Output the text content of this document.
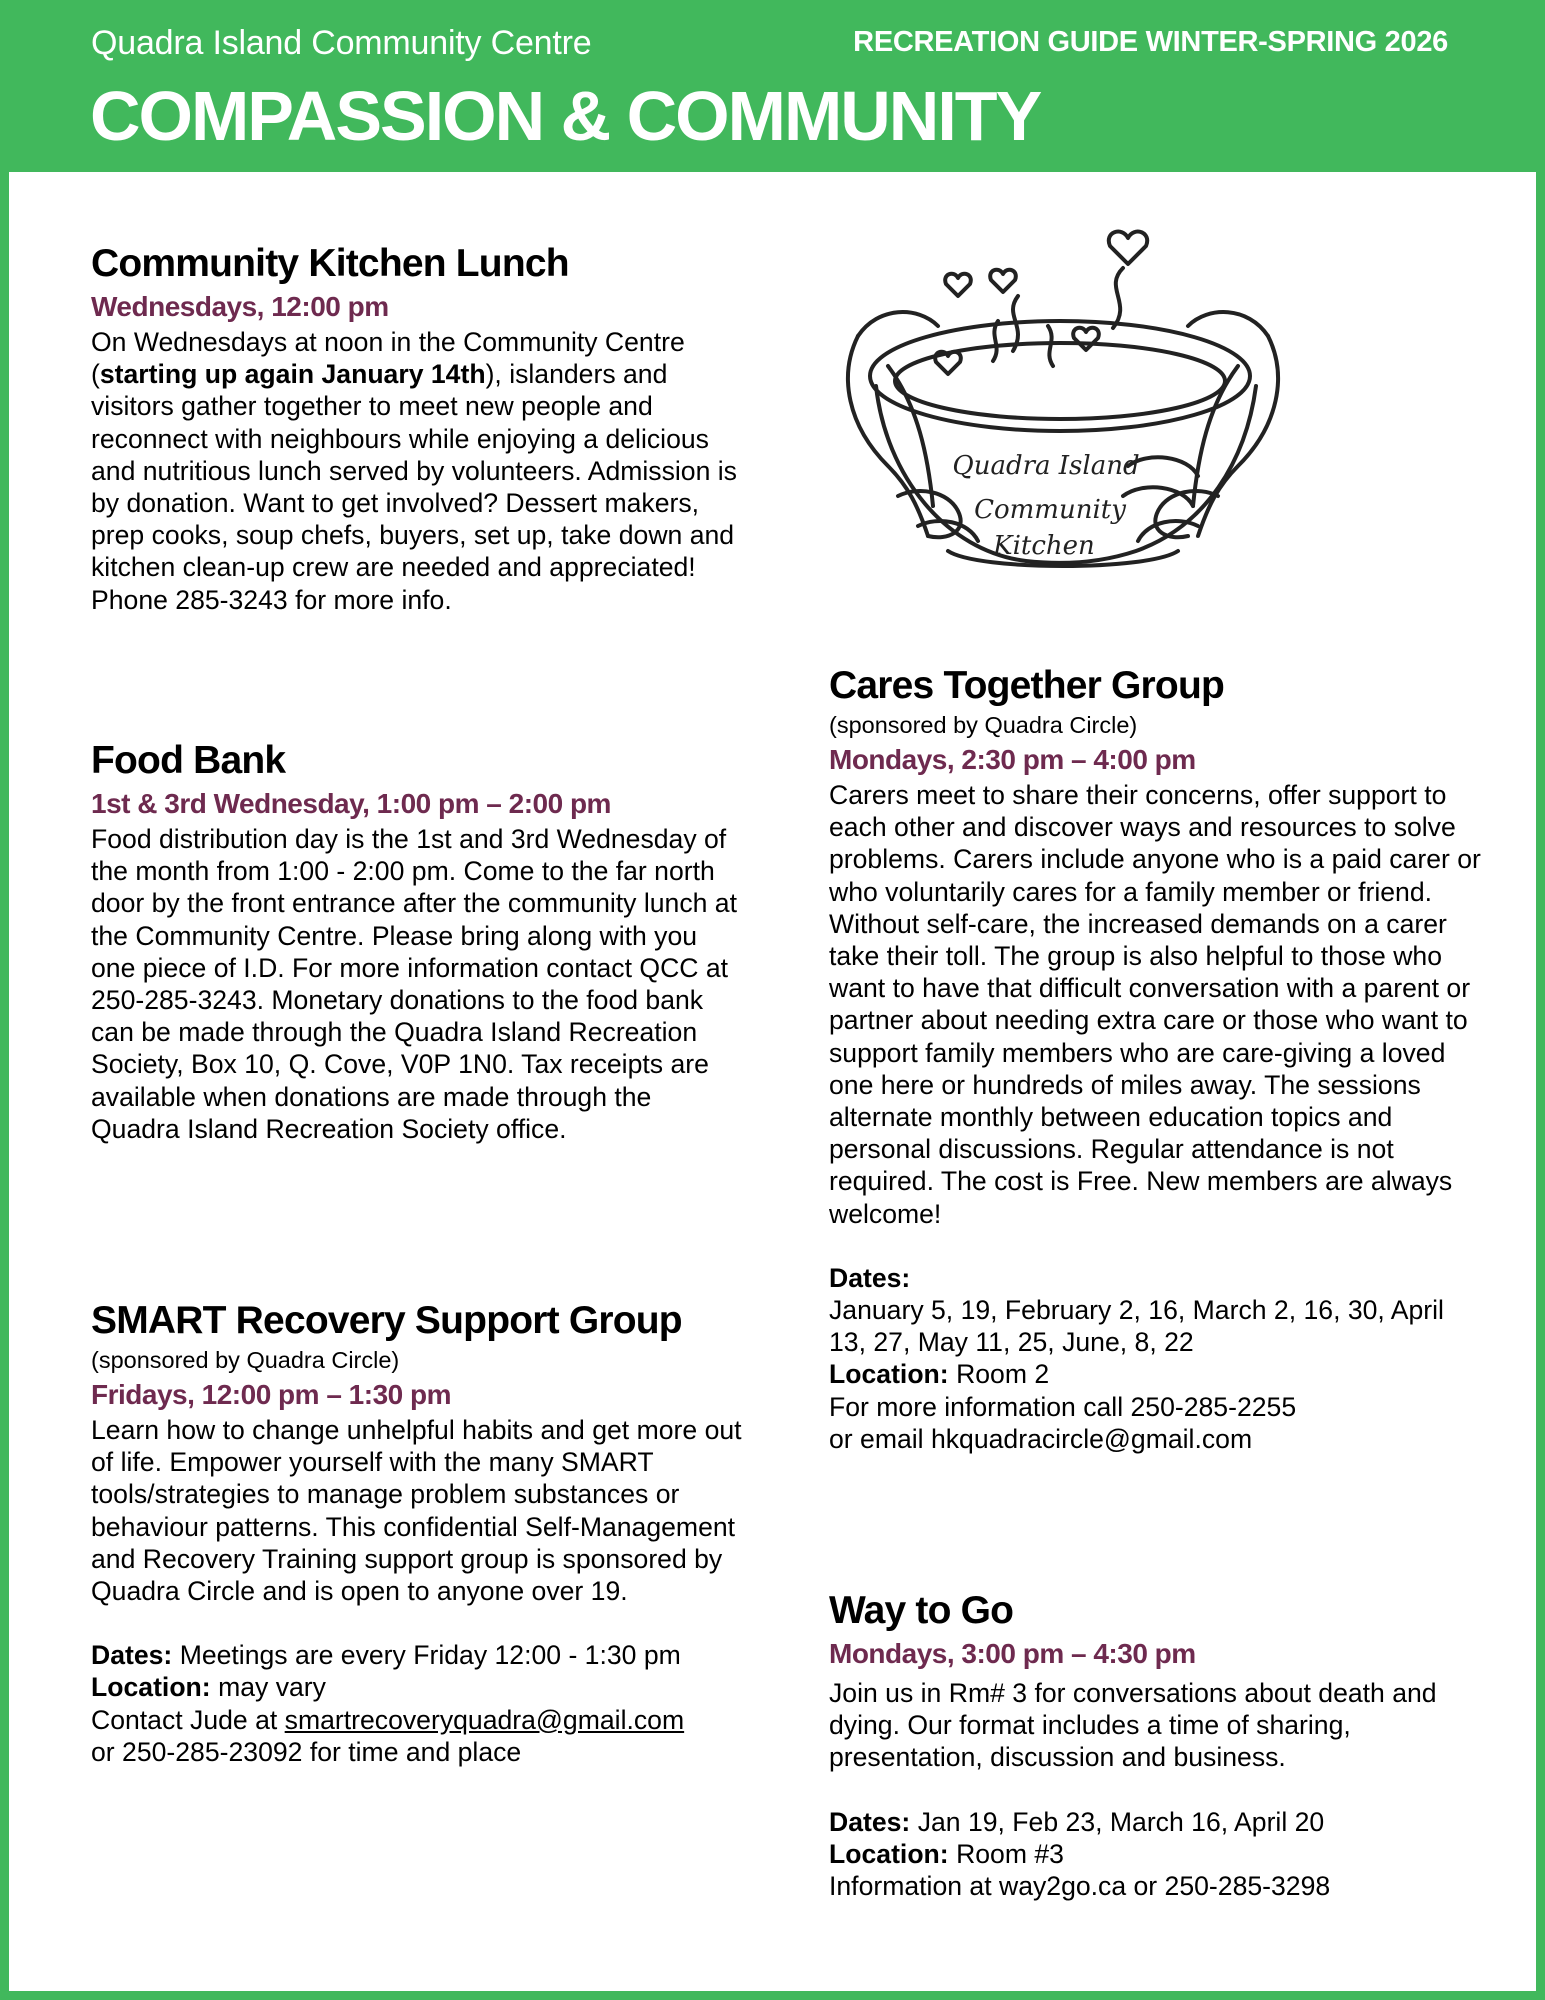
Quadra Island Community Centre	RECREATION GUIDE WINTER-SPRING 2026
COMPASSION & COMMUNITY
Community Kitchen Lunch
Wednesdays, 12:00 pm

On Wednesdays at noon in the Community Centre (starting up again January 14th), islanders and visitors gather together to meet new people and reconnect with neighbours while enjoying a delicious and nutritious lunch served by volunteers. Admission is by donation. Want to get involved? Dessert makers, prep cooks, soup chefs, buyers, set up, take down and kitchen clean-up crew are needed and appreciated! Phone 285-3243 for more info.

Food Bank
1st & 3rd Wednesday, 1:00 pm – 2:00 pm

Food distribution day is the 1st and 3rd Wednesday of the month from 1:00 - 2:00 pm. Come to the far north door by the front entrance after the community lunch at the Community Centre. Please bring along with you one piece of I.D. For more information contact QCC at 250-285-3243. Monetary donations to the food bank can be made through the Quadra Island Recreation Society, Box 10, Q. Cove, V0P 1N0. Tax receipts are available when donations are made through the Quadra Island Recreation Society office.

SMART Recovery Support Group
(sponsored by Quadra Circle)
Fridays, 12:00 pm – 1:30 pm

Learn how to change unhelpful habits and get more out of life. Empower yourself with the many SMART tools/strategies to manage problem substances or behaviour patterns. This confidential Self-Management and Recovery Training support group is sponsored by Quadra Circle and is open to anyone over 19.

Dates: Meetings are every Friday 12:00 - 1:30 pm

Location: may vary

Contact Jude at smartrecoveryquadra@gmail.com

or 250-285-23092 for time and place

Quadra Island
Community
Kitchen
Cares Together Group
(sponsored by Quadra Circle)
Mondays, 2:30 pm – 4:00 pm

Carers meet to share their concerns, offer support to each other and discover ways and resources to solve problems. Carers include anyone who is a paid carer or who voluntarily cares for a family member or friend. Without self-care, the increased demands on a carer take their toll. The group is also helpful to those who want to have that difficult conversation with a parent or partner about needing extra care or those who want to support family members who are care-giving a loved one here or hundreds of miles away. The sessions alternate monthly between education topics and personal discussions. Regular attendance is not required. The cost is Free. New members are always welcome!

Dates:

January 5, 19, February 2, 16, March 2, 16, 30, April 13, 27, May 11, 25, June, 8, 22

Location: Room 2

For more information call 250-285-2255

or email hkquadracircle@gmail.com

Way to Go
Mondays, 3:00 pm – 4:30 pm

Join us in Rm# 3 for conversations about death and dying. Our format includes a time of sharing, presentation, discussion and business.

Dates: Jan 19, Feb 23, March 16, April 20

Location: Room #3

Information at way2go.ca or 250-285-3298
